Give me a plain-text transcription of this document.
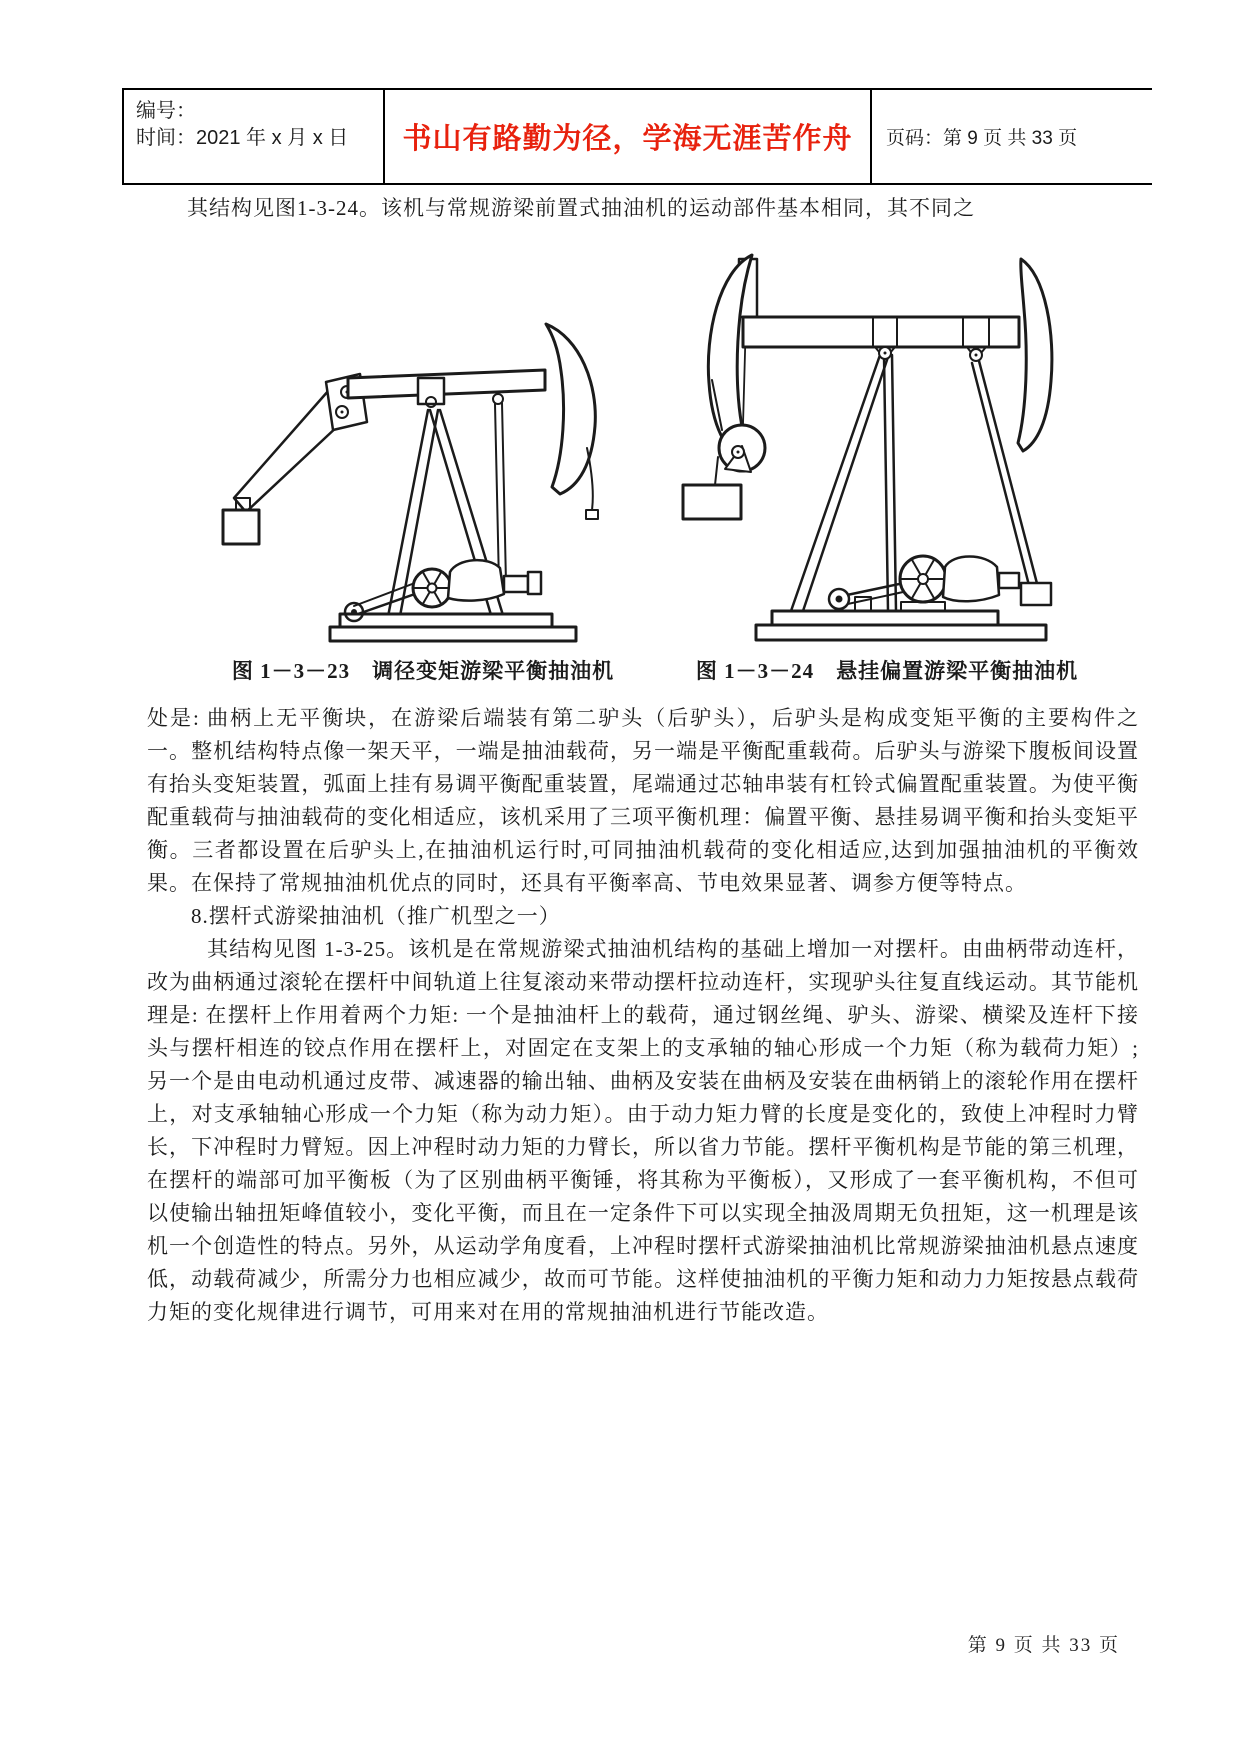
编号：
时间：2021 年 x 月 x 日	书山有路勤为径，学海无涯苦作舟 页码：第 9 页 共 33 页
其结构见图1-3-24。该机与常规游梁前置式抽油机的运动部件基本相同，其不同之
图 1－3－23　调径变矩游梁平衡抽油机	图 1－3－24　悬挂偏置游梁平衡抽油机
处是: 曲柄上无平衡块，在游梁后端装有第二驴头（后驴头），后驴头是构成变矩平衡的主要构件之一。整机结构特点像一架天平，一端是抽油载荷，另一端是平衡配重载荷。后驴头与游梁下腹板间设置有抬头变矩装置，弧面上挂有易调平衡配重装置，尾端通过芯轴串装有杠铃式偏置配重装置。为使平衡配重载荷与抽油载荷的变化相适应，该机采用了三项平衡机理：偏置平衡、悬挂易调平衡和抬头变矩平衡。三者都设置在后驴头上,在抽油机运行时,可同抽油机载荷的变化相适应,达到加强抽油机的平衡效果。在保持了常规抽油机优点的同时，还具有平衡率高、节电效果显著、调参方便等特点。
8.摆杆式游梁抽油机（推广机型之一）
其结构见图 1-3-25。该机是在常规游梁式抽油机结构的基础上增加一对摆杆。由曲柄带动连杆，改为曲柄通过滚轮在摆杆中间轨道上往复滚动来带动摆杆拉动连杆，实现驴头往复直线运动。其节能机理是: 在摆杆上作用着两个力矩: 一个是抽油杆上的载荷，通过钢丝绳、驴头、游梁、横梁及连杆下接头与摆杆相连的铰点作用在摆杆上，对固定在支架上的支承轴的轴心形成一个力矩（称为载荷力矩）;另一个是由电动机通过皮带、减速器的输出轴、曲柄及安装在曲柄及安装在曲柄销上的滚轮作用在摆杆上，对支承轴轴心形成一个力矩（称为动力矩）。由于动力矩力臂的长度是变化的，致使上冲程时力臂长，下冲程时力臂短。因上冲程时动力矩的力臂长，所以省力节能。摆杆平衡机构是节能的第三机理，在摆杆的端部可加平衡板（为了区别曲柄平衡锤，将其称为平衡板），又形成了一套平衡机构，不但可以使输出轴扭矩峰值较小，变化平衡，而且在一定条件下可以实现全抽汲周期无负扭矩，这一机理是该机一个创造性的特点。另外，从运动学角度看，上冲程时摆杆式游梁抽油机比常规游梁抽油机悬点速度低，动载荷减少，所需分力也相应减少，故而可节能。这样使抽油机的平衡力矩和动力力矩按悬点载荷力矩的变化规律进行调节，可用来对在用的常规抽油机进行节能改造。
第 9 页 共 33 页
